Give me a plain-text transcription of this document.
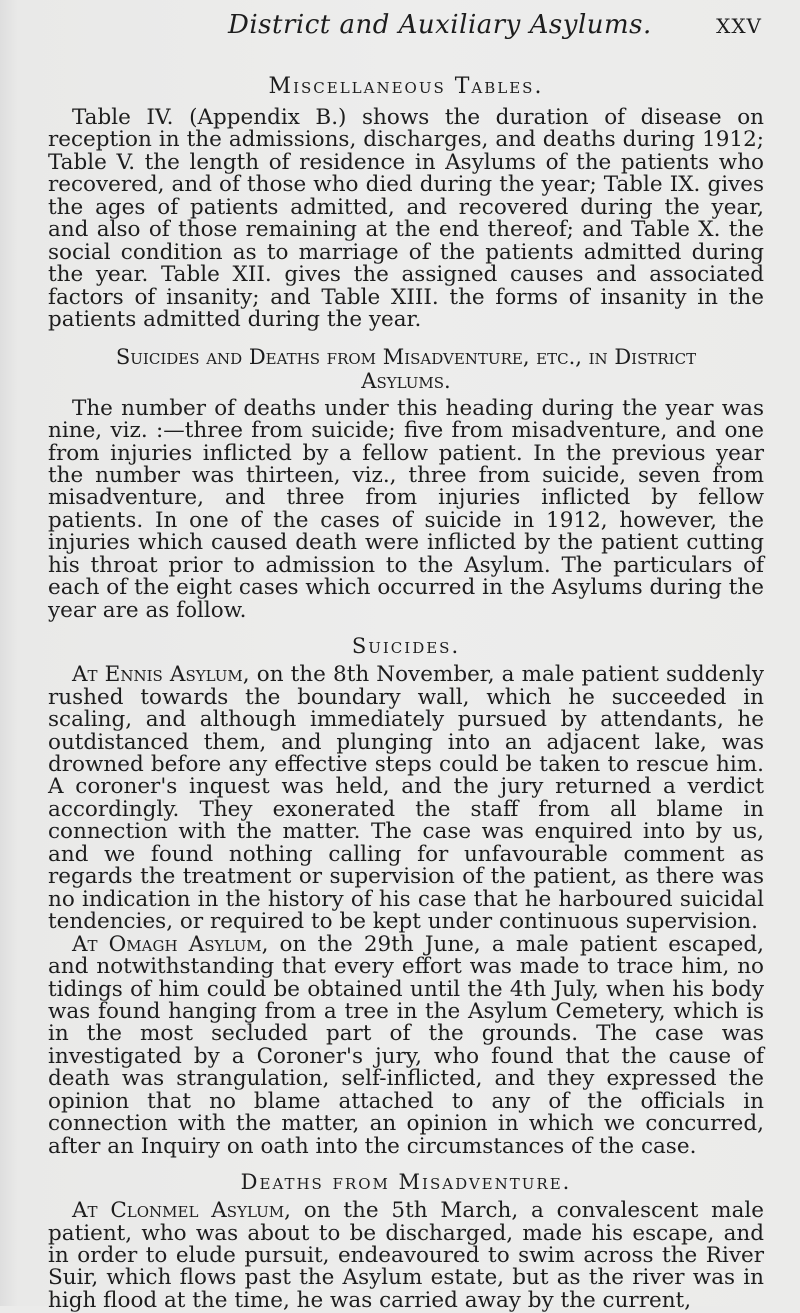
District and Auxiliary Asylums.	XXV
Miscellaneous Tables.

Table IV. (Appendix B.) shows the duration of disease on reception in the admissions, discharges, and deaths during 1912; Table V. the length of residence in Asylums of the patients who recovered, and of those who died during the year; Table IX. gives the ages of patients admitted, and recovered during the year, and also of those remaining at the end thereof; and Table X. the social condition as to marriage of the patients admitted during the year. Table XII. gives the assigned causes and associated factors of insanity; and Table XIII. the forms of insanity in the patients admitted during the year.

Suicides and Deaths from Misadventure, etc., in District
Asylums.

The number of deaths under this heading during the year was nine, viz. :—three from suicide; five from misadventure, and one from injuries inflicted by a fellow patient. In the previous year the number was thirteen, viz., three from suicide, seven from misadventure, and three from injuries inflicted by fellow patients. In one of the cases of suicide in 1912, however, the injuries which caused death were inflicted by the patient cutting his throat prior to admission to the Asylum. The particulars of each of the eight cases which occurred in the Asylums during the year are as follow.

Suicides.

At Ennis Asylum, on the 8th November, a male patient suddenly rushed towards the boundary wall, which he succeeded in scaling, and although immediately pursued by attendants, he outdistanced them, and plunging into an adjacent lake, was drowned before any effective steps could be taken to rescue him. A coroner's inquest was held, and the jury returned a verdict accordingly. They exonerated the staff from all blame in connection with the matter. The case was enquired into by us, and we found nothing calling for unfavourable comment as regards the treatment or supervision of the patient, as there was no indication in the history of his case that he harboured suicidal tendencies, or required to be kept under continuous supervision.

At Omagh Asylum, on the 29th June, a male patient escaped, and notwithstanding that every effort was made to trace him, no tidings of him could be obtained until the 4th July, when his body was found hanging from a tree in the Asylum Cemetery, which is in the most secluded part of the grounds. The case was investigated by a Coroner's jury, who found that the cause of death was strangulation, self-inflicted, and they expressed the opinion that no blame attached to any of the officials in connection with the matter, an opinion in which we concurred, after an Inquiry on oath into the circumstances of the case.

Deaths from Misadventure.

At Clonmel Asylum, on the 5th March, a convalescent male patient, who was about to be discharged, made his escape, and in order to elude pursuit, endeavoured to swim across the River Suir, which flows past the Asylum estate, but as the river was in high flood at the time, he was carried away by the current,
